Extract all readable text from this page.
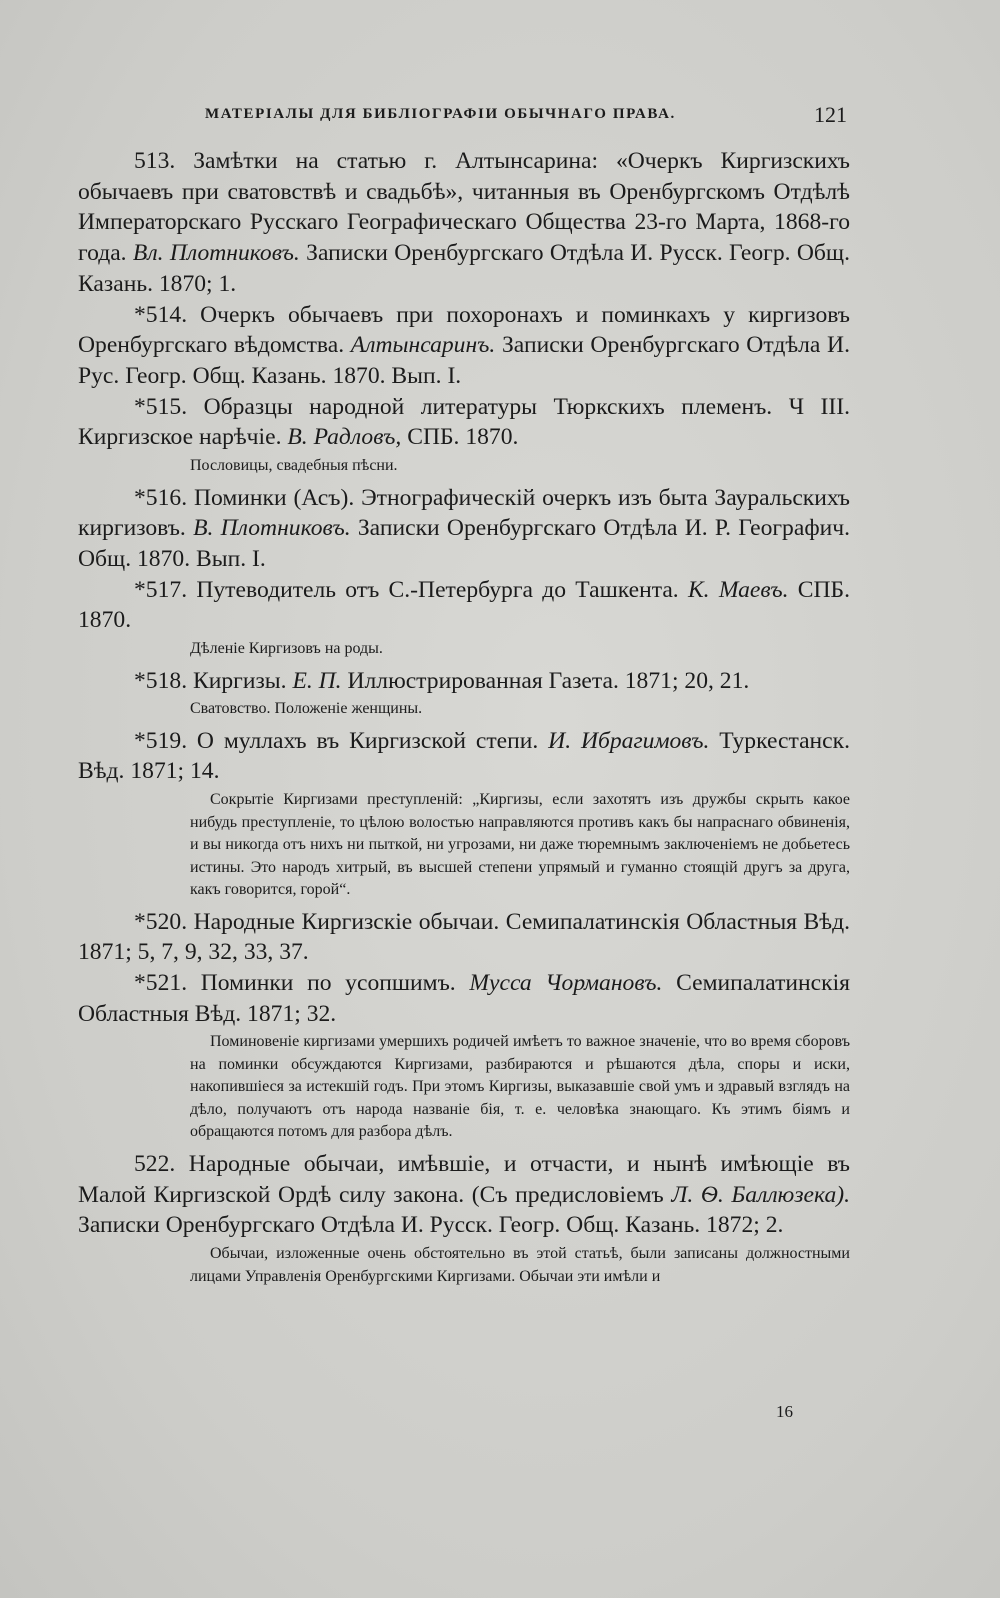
МАТЕРІАЛЫ ДЛЯ БИБЛІОГРАФІИ ОБЫЧНАГО ПРАВА.	121

513. Замѣтки на статью г. Алтынсарина: «Очеркъ Киргизскихъ обычаевъ при сватовствѣ и свадьбѣ», читанныя въ Оренбургскомъ Отдѣлѣ Императорскаго Русскаго Географическаго Общества 23-го Марта, 1868-го года. Вл. Плотниковъ. Записки Оренбургскаго Отдѣла И. Русск. Геогр. Общ. Казань. 1870; 1.

*514. Очеркъ обычаевъ при похоронахъ и поминкахъ у киргизовъ Оренбургскаго вѣдомства. Алтынсаринъ. Записки Оренбургскаго Отдѣла И. Рус. Геогр. Общ. Казань. 1870. Вып. I.

*515. Образцы народной литературы Тюркскихъ племенъ. Ч III. Киргизское нарѣчіе. В. Радловъ, СПБ. 1870.

Пословицы, свадебныя пѣсни.

*516. Поминки (Асъ). Этнографическій очеркъ изъ быта Зауральскихъ киргизовъ. В. Плотниковъ. Записки Оренбургскаго Отдѣла И. Р. Географич. Общ. 1870. Вып. I.

*517. Путеводитель отъ С.-Петербурга до Ташкента. К. Маевъ. СПБ. 1870.

Дѣленіе Киргизовъ на роды.

*518. Киргизы. Е. П. Иллюстрированная Газета. 1871; 20, 21.

Сватовство. Положеніе женщины.

*519. О муллахъ въ Киргизской степи. И. Ибрагимовъ. Туркестанск. Вѣд. 1871; 14.

Сокрытіе Киргизами преступленій: „Киргизы, если захотятъ изъ дружбы скрыть какое нибудь преступленіе, то цѣлою волостью направляются противъ какъ бы напраснаго обвиненія, и вы никогда отъ нихъ ни пыткой, ни угрозами, ни даже тюремнымъ заключеніемъ не добьетесь истины. Это народъ хитрый, въ высшей степени упрямый и гуманно стоящій другъ за друга, какъ говорится, горой“.

*520. Народные Киргизскіе обычаи. Семипалатинскія Областныя Вѣд. 1871; 5, 7, 9, 32, 33, 37.

*521. Поминки по усопшимъ. Мусса Чормановъ. Семипалатинскія Областныя Вѣд. 1871; 32.

Поминовеніе киргизами умершихъ родичей имѣетъ то важное значеніе, что во время сборовъ на поминки обсуждаются Киргизами, разбираются и рѣшаются дѣла, споры и иски, накопившіеся за истекшій годъ. При этомъ Киргизы, выказавшіе свой умъ и здравый взглядъ на дѣло, получаютъ отъ народа названіе бія, т. е. человѣка знающаго. Къ этимъ біямъ и обращаются потомъ для разбора дѣлъ.

522. Народные обычаи, имѣвшіе, и отчасти, и нынѣ имѣющіе въ Малой Киргизской Ордѣ силу закона. (Съ предисловіемъ Л. Ѳ. Баллюзека). Записки Оренбургскаго Отдѣла И. Русск. Геогр. Общ. Казань. 1872; 2.

Обычаи, изложенные очень обстоятельно въ этой статьѣ, были записаны должностными лицами Управленія Оренбургскими Киргизами. Обычаи эти имѣли и

16
